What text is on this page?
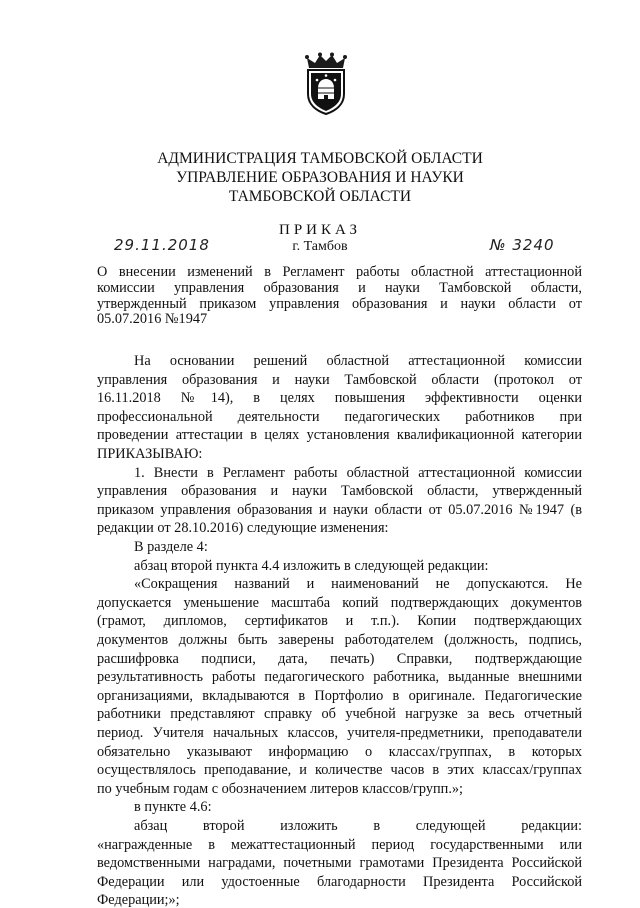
АДМИНИСТРАЦИЯ ТАМБОВСКОЙ ОБЛАСТИ
УПРАВЛЕНИЕ ОБРАЗОВАНИЯ И НАУКИ
ТАМБОВСКОЙ ОБЛАСТИ
ПРИКАЗ
г. Тамбов
29.11.2018	№ 3240
О внесении изменений в Регламент работы областной аттестационной
комиссии управления образования и науки Тамбовской области,
утвержденный приказом управления образования и науки области от
05.07.2016 №1947
На основании решений областной аттестационной комиссии
управления образования и науки Тамбовской области (протокол от
16.11.2018 №14), в целях повышения эффективности оценки
профессиональной деятельности педагогических работников при
проведении аттестации в целях установления квалификационной категории
ПРИКАЗЫВАЮ:
1. Внести в Регламент работы областной аттестационной комиссии
управления образования и науки Тамбовской области, утвержденный
приказом управления образования и науки области от 05.07.2016 №1947 (в
редакции от 28.10.2016) следующие изменения:
В разделе 4:
абзац второй пункта 4.4 изложить в следующей редакции:
«Сокращения названий и наименований не допускаются. Не
допускается уменьшение масштаба копий подтверждающих документов
(грамот, дипломов, сертификатов и т.п.). Копии подтверждающих
документов должны быть заверены работодателем (должность, подпись,
расшифровка подписи, дата, печать) Справки, подтверждающие
результативность работы педагогического работника, выданные внешними
организациями, вкладываются в Портфолио в оригинале. Педагогические
работники представляют справку об учебной нагрузке за весь отчетный
период. Учителя начальных классов, учителя-предметники, преподаватели
обязательно указывают информацию о классах/группах, в которых
осуществлялось преподавание, и количестве часов в этих классах/группах
по учебным годам с обозначением литеров классов/групп.»;
в пункте 4.6:
абзац второй изложить в следующей редакции:
«награжденные в межаттестационный период государственными или
ведомственными наградами, почетными грамотами Президента Российской
Федерации или удостоенные благодарности Президента Российской
Федерации;»;
